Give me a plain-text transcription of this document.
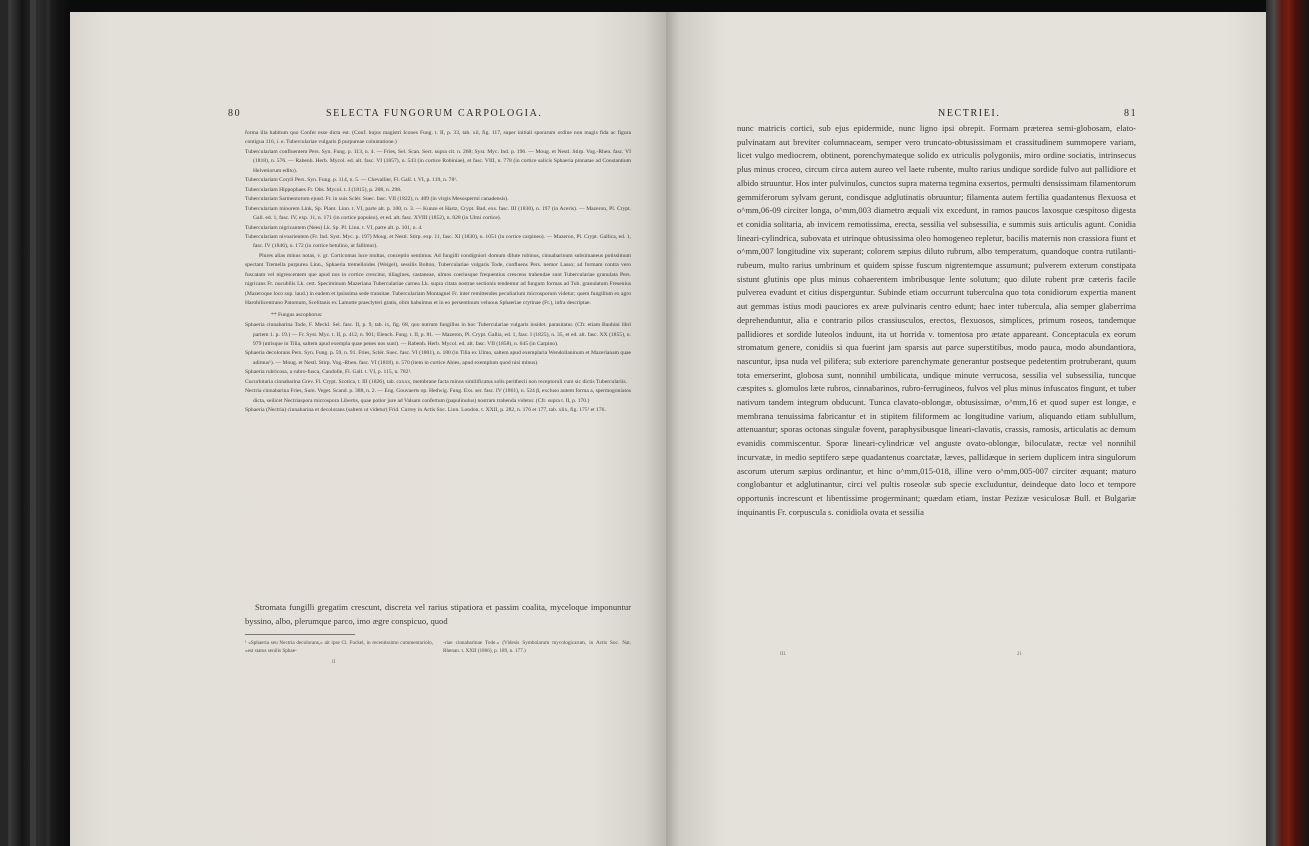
80	SELECTA FUNGORUM CARPOLOGIA.

forma illa habitum quo Confer esse dicta est. (Conf. hujus magistri Icones Fung. t. II, p. 33, tab. xii, fig. 117, super initiali sporarum ordine non magis fida ac figura contigua 116, i. e. Tuberculariae vulgaris β purpureae coluntatione.)

Tuberculariam confluentem Pers. Syn. Fung. p. 113, n. 4. — Fries, Sel. Scan. Sect. supra cit. n. 268; Syst. Myc. Ind. p. 196. — Moug. et Nestl. Stirp. Vog.-Rhen. fasc. VI (1818), n. 576. — Rabenh. Herb. Mycol. ed. alt. fasc. VI (1857), n. 543 (in cortice Robiniae), et fasc. VIII, n. 778 (in cortice salicis Sphaeria pinnatae ad Constantium Helvetiorum edito).

Tuberculariam Coryli Pers. Syn. Fung. p. 114, n. 5. — Chevallier, Fl. Gall. t. VI, p. 119, n. 78¹.

Tuberculariam Hippophaes Fr. Obs. Mycol. t. I (1815), p. 208, n. 298.

Tuberculariam Sarmentorum ejusd. Fr. in suis Sclér. Suec. fasc. VII (1822), n. 409 (in virgis Mesospermi canadensis).

Tuberculariam minorem Link, Sp. Plant. Linn. t. VI, parte alt. p. 100, n. 3. — Kunze et Hartz, Crypt. Bad. exs. fasc. III (1830), n. 197 (in Aceris). — Mazeron, Pl. Crypt. Gall. ed. 1, fasc. IV, exp. 11, n. 171 (in cortice populeo), et ed. alt. fasc. XVIII (1852), n. 828 (in Ulmi cortice).

Tuberculariam nigricantem (Nees) Lk. Sp. Pl. Linn. t. VI, parte alt. p. 101, n. 4.

Tuberculariam nivoarientem (Fr. Ind. Syst. Myc. p. 197) Moug. et Nestl. Stirp. exp. 11, fasc. XI (1830), n. 1051 (in cortice carpineo). — Mazeron, Pl. Crypt. Gallica, ed. 1, fasc. IV (1846), n. 172 (in cortice betulino, ut fallimur).

Plures alias minus notas, v. gr. Corticomas luce multas, conceptio sentimus. Ad fungilli condigniori domum dilute rubinus, cinnabarinum subsimaneus potissimum spectant Tremella purpurea Linn., Sphaeria tremelloides (Weigel), sessilis Bolton, Tuberculariae vulgaris Tode, confluens Pers. nemor Lasso; ad formam contra vero fuscatam vel nigrescentem que apud nos in cortice crescitur, tiliagines, castaneae, ulmos coeriusque frequentius crescens trahendae sunt Tuberculariae granulata Pers. nigricans Fr. nucubilis Lk. cett. Speciminum Mazeriana Tuberculariae carnea Lk. supra citata nostrae sectionis tendentur ad fungum formas ad Tub. granulatum Fresenius (Mazeroque loco sup. laud.) in eadem et ipsissima sede transitae. Tuberculariam Montagnei Fr. inter remittendes peculiarium microsporum videtur; quem fungillum ex agro Harobilicentrano Patomum, Scelitanis ex Lamotte praeclyteri gratis, olim habuimus et in eo persentinum veluous Sphaeriae crytinae (Fr.), infra descriptae.

** Fungus ascophorus:

Sphaeria cinnabarina Tode, F. Meckl. Sel. fasc. II, p. 9, tab. ix, fig. 68, quo nutrum fungillus in hoc Tuberculariae vulgaris insidet. parasitatur. (Cfr. etiam Bauhini libri partem 1. p. 19.) — Fr. Syst. Myc. t. II, p. 412, n. 901; Elench. Fung. t. II, p. 81. — Mazeron, Pl. Crypt. Gallia, ed. 1, fasc. I (1825), n. 35, et ed. alt. fasc. XX (1855), n. 979 (utrisque in Tilia, saltem apud exempla quae penes nos sunt). — Rabenh. Herb. Mycol. ed. alt. fasc. VII (1858), n. 645 (in Carpino).

Sphaeria decolorans Pers. Syn. Fung. p. 59, n. 91. Fries, Sclér. Suec. fasc. VI (1801), n. 180 (in Tilia ex Ulmo, saltem apud exemplaria Wendollaninum et Mazerianam quae adimus¹). — Moug. et Nestl. Stirp. Vog.-Rhen. fasc. VI (1818), n. 570 (item in cortice Abies, apud exemplum quod nisi minus).

Sphaeria rubricosa, a rubro-fusca, Candolle, Fl. Gall. t. VI, p. 115, n. 782¹.

Cucurbitaria cinnabarina Grev. Fl. Crypt. Scotica, t. III (1826), tab. cxxxx, membrane facta minus similificatus solis perithecii non receptoruli cum sic dictis Tuberculariis.

Nectria cinnabarina Fries, Sum. Veget. Scand. p. 388, n. 2. — Eng. Gouvaerts op. Hedwig. Fung. Exs. ser. fasc. IV (1861), n. 524 β, excluso autem forma a, spermogoniatos dicta, seilicet Nectriaspora microspora Libertis, quae potior jure ad Valsam confertum (papulinulus) nostram trahenda videtur. (Cfr. supra t. II, p. 170.)

Sphaeria (Nectria) cinnabarina et decolorans (saltem ut videtur) Frid. Currey in Actis Soc. Linn. London. t. XXII, p. 282, n. 176 et 177, tab. xlix, fig. 175¹ et 176.

Stromata fungilli gregatim crescunt, discreta vel rarius stipatiora et passim coalita, myceloque imponuntur byssino, albo, plerumque parco, imo ægre conspicuo, quod

¹ «Sphaeria seu Nectria decolorans,» ait ipse Cl. Fuckel, in recentissimo commentariolo, «est status senilis Sphae-
-riae cinnabarinae Tode.» (Videsis Symbolarum mycologicarum, in Actis Soc. Nat. Rhenan. t. XXII (1866), p. 189, n. 177.)
II
NECTRIEI.	81

nunc matricis cortici, sub ejus epidermide, nunc ligno ipsi obrepit. Formam præterea semi-globosam, elato-pulvinatam aut breviter columnaceam, semper vero truncato-obtusissimam et crassitudinem summopere variam, licet vulgo mediocrem, obtinent, porenchymateque solido ex utriculis polygoniis, miro ordine sociatis, intrinsecus plus minus croceo, circum circa autem aureo vel laete rubente, multo rarius undique sordide fulvo aut pallidiore et albido struuntur. Hos inter pulvinulos, cunctos supra materna tegmina exsertos, permulti densissimam filamentorum gemmiferorum sylvam gerunt, condisque adglutinatis obruuntur; filamenta autem fertilia quadantenus flexuosa et o^mm,06-09 circiter longa, o^mm,003 diametro æquali vix excedunt, in ramos paucos laxosque cæspitoso digesta et conidia solitaria, ab invicem remotissima, erecta, sessilia vel subsessilia, e summis suis articulis agunt. Conidia lineari-cylindrica, subovata et utrinque obtusissima oleo homogeneo repletur, bacilis maternis non crassiora fiunt et o^mm,007 longitudine vix superant; colorem sæpius diluto rubrum, albo temperatum, quandoque contra rutilanti-rubeum, multo rarius umbrinum et quidem spisse fuscum nigrentemque assumunt; pulverem exterum constipata sistunt glutinis ope plus minus cohaerentem imbribusque lente solutum; quo dilute rubent præ cæteris facile pulverea evadunt et citius disperguntur. Subinde etiam occurrunt tuberculna quo tota conidiorum expertia manent aut gemmas istius modi pauciores ex areæ pulvinaris centro edunt; haec inter tubercula, alia semper glaberrima deprehenduntur, alia e contrario pilos crassiusculos, erectos, flexuosos, simplices, primum roseos, tandemque pallidiores et sordide luteolos induunt, ita ut horrida v. tomentosa pro ætate appareant. Conceptacula ex eorum stromatum genere, conidiis si qua fuerint jam sparsis aut parce superstitibus, modo pauca, modo abundantiora, nascuntur, ipsa nuda vel pilifera; sub exteriore parenchymate generantur postseque pedetentim protruberant, quum tota emerserint, globosa sunt, nonnihil umbilicata, undique minute verrucosa, sessilia vel subsessilia, tuncque cæspites s. glomulos læte rubros, cinnabarinos, rubro-ferrugineos, fulvos vel plus minus infuscatos fingunt, et tuber nativum tandem integrum obducunt. Tunca clavato-oblongæ, obtusissimæ, o^mm,16 et quod super est longæ, e membrana tenuissima fabricantur et in stipitem filiformem ac longitudine varium, aliquando etiam sublullum, attenuantur; sporas octonas singulæ fovent, paraphysibusque lineari-clavatis, crassis, ramosis, articulatis ac demum evanidis commiscentur. Sporæ lineari-cylindricæ vel anguste ovato-oblongæ, biloculatæ, rectæ vel nonnihil incurvatæ, in medio septifero sæpe quadantenus coarctatæ, læves, pallidæque in seriem duplicem intra singulorum ascorum uterum sæpius ordinantur, et hinc o^mm,015-018, illine vero o^mm,005-007 circiter æquant; maturo conglobantur et adglutinantur, circi vel pultis roseolæ sub specie excluduntur, deindeque dato loco et tempore opportunis increscunt et libentissime progerminant; quædam etiam, instar Pezizæ vesiculosæ Bull. et Bulgariæ inquinantis Fr. corpuscula s. conidiola ovata et sessilia

III.	21
